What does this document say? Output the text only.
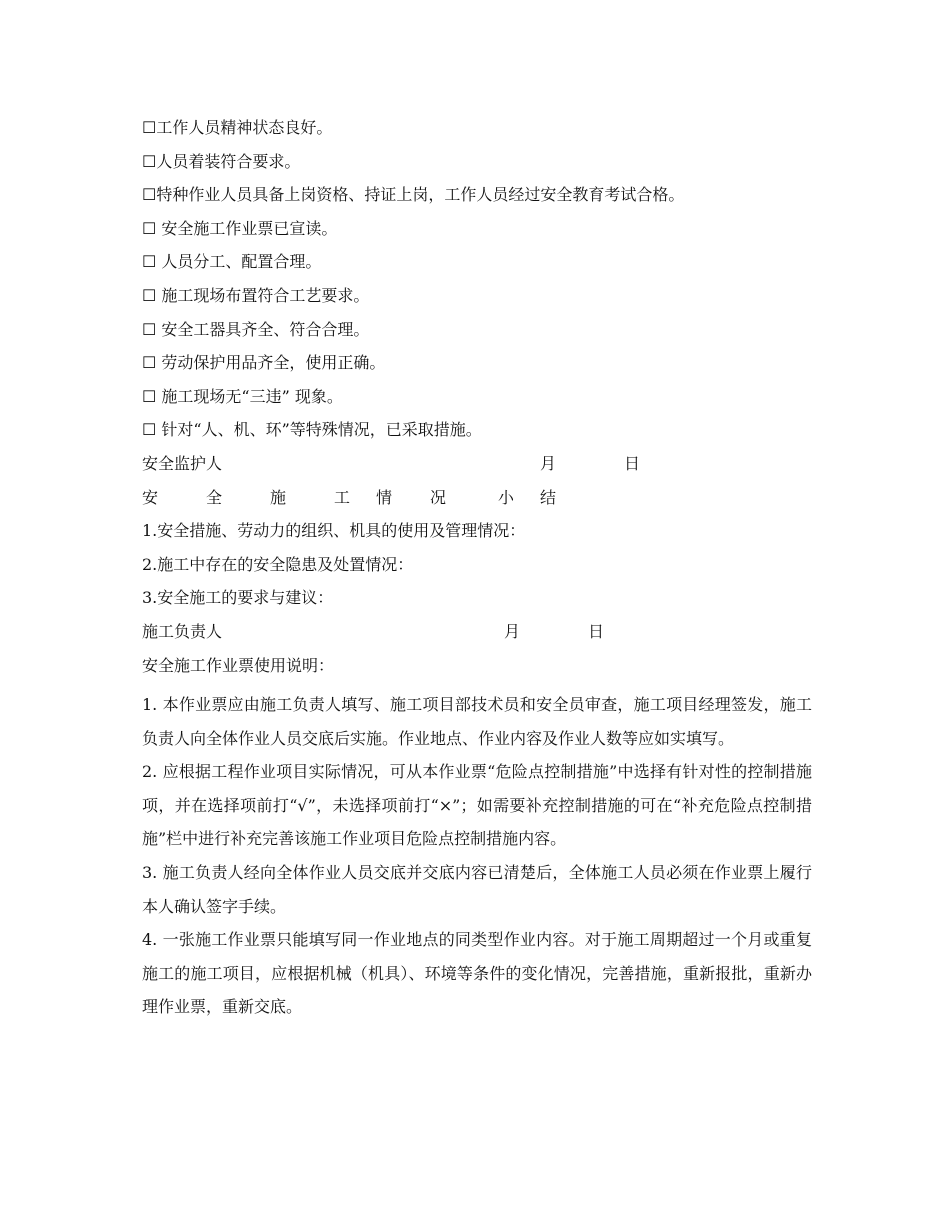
☐工作人员精神状态良好。
☐人员着装符合要求。
☐特种作业人员具备上岗资格、持证上岗，工作人员经过安全教育考试合格。
☐ 安全施工作业票已宣读。
☐ 人员分工、配置合理。
☐ 施工现场布置符合工艺要求。
☐ 安全工器具齐全、符合合理。
☐ 劳动保护用品齐全，使用正确。
☐ 施工现场无“三违” 现象。
☐ 针对“人、机、环”等特殊情况，已采取措施。
安全监护人	月	日
安	全	施	工 情 况	小 结
1.安全措施、劳动力的组织、机具的使用及管理情况：
2.施工中存在的安全隐患及处置情况：
3.安全施工的要求与建议：
施工负责人	月	日
安全施工作业票使用说明：
1. 本作业票应由施工负责人填写、施工项目部技术员和安全员审查，施工项目经理签发，施工负责人向全体作业人员交底后实施。作业地点、作业内容及作业人数等应如实填写。
2. 应根据工程作业项目实际情况，可从本作业票“危险点控制措施”中选择有针对性的控制措施项，并在选择项前打“√”，未选择项前打“×”；如需要补充控制措施的可在“补充危险点控制措施”栏中进行补充完善该施工作业项目危险点控制措施内容。
3. 施工负责人经向全体作业人员交底并交底内容已清楚后，全体施工人员必须在作业票上履行本人确认签字手续。
4. 一张施工作业票只能填写同一作业地点的同类型作业内容。对于施工周期超过一个月或重复施工的施工项目，应根据机械（机具）、环境等条件的变化情况，完善措施，重新报批，重新办理作业票，重新交底。
